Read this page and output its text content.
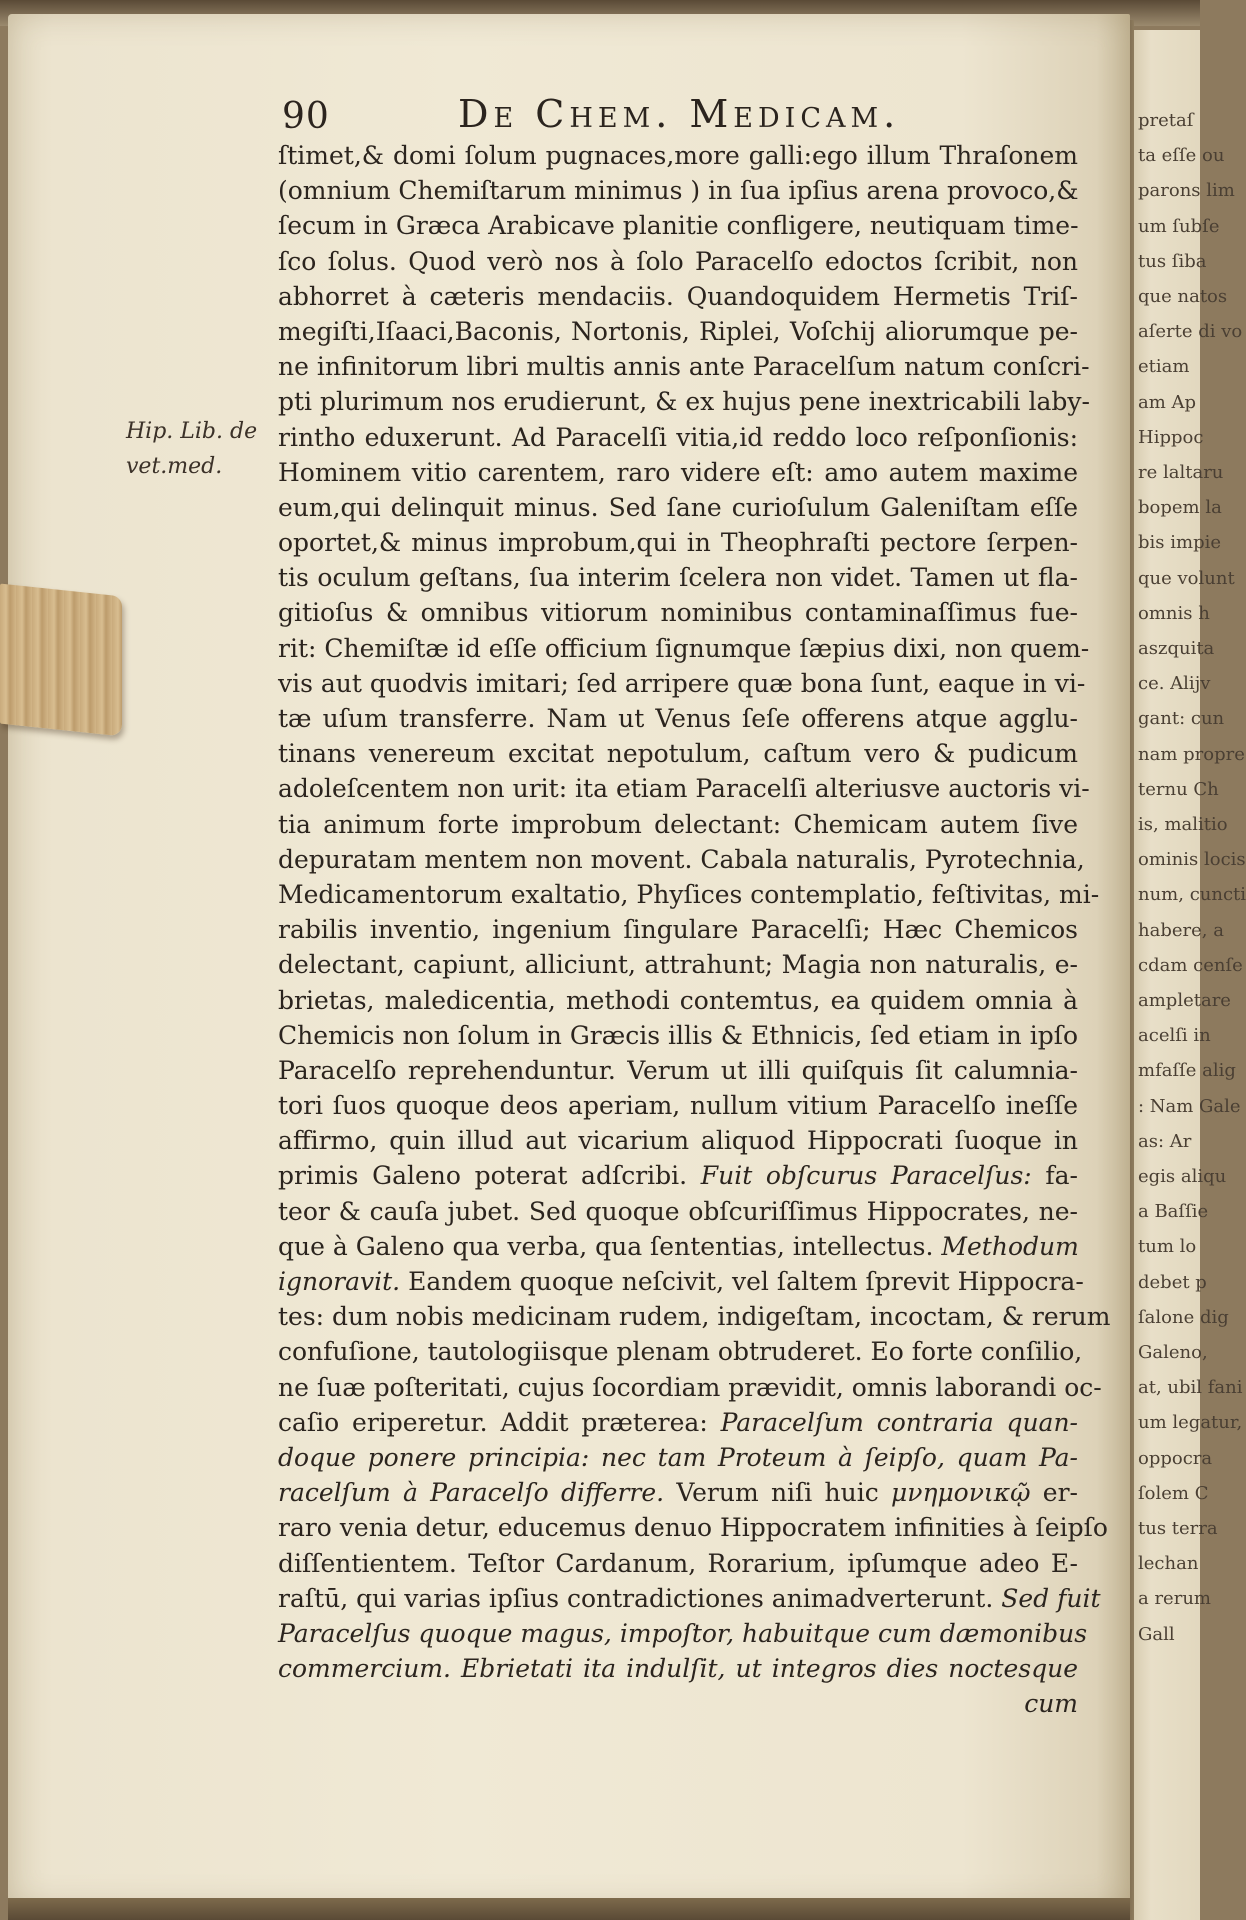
pretaſ
ta eſſe ou
parons lim
um ſubſe
tus ſiba
que natos
aſerte di vo
etiam
am Ap
Hippoc
re laltaru
bopem la
bis impie
que volunt
omnis h
aszquita
ce. Alijv
gant: cun
nam propre
ternu Ch
is, malitio
ominis locis
num, cuncti
habere, a
cdam cenſe
ampletare
acelſi in
mfaſſe alig
: Nam Gale
as: Ar
egis aliqu
a Baſſie
tum lo
debet p
ſalone dig
Galeno,
at, ubil fani
um legatur,
oppocra
ſolem C
tus terra
lechan
a rerum
Gall
90	De Chem. Medicam.
Hip. Lib. de
vet.med.
ſtimet,& domi ſolum pugnaces,more galli:ego illum Thraſonem
(omnium Chemiſtarum minimus ) in ſua ipſius arena provoco,&
ſecum in Græca Arabicave planitie confligere, neutiquam time-
ſco ſolus. Quod verò nos à ſolo Paracelſo edoctos ſcribit, non
abhorret à cæteris mendaciis. Quandoquidem Hermetis Triſ-
megiſti,Iſaaci,Baconis, Nortonis, Riplei, Voſchij aliorumque pe-
ne infinitorum libri multis annis ante Paracelſum natum conſcri-
pti plurimum nos erudierunt, & ex hujus pene inextricabili laby-
rintho eduxerunt. Ad Paracelſi vitia,id reddo loco reſponſionis:
Hominem vitio carentem, raro videre eſt: amo autem maxime
eum,qui delinquit minus. Sed ſane curioſulum Galeniſtam eſſe
oportet,& minus improbum,qui in Theophraſti pectore ſerpen-
tis oculum geſtans, ſua interim ſcelera non videt. Tamen ut fla-
gitioſus & omnibus vitiorum nominibus contaminaſſimus fue-
rit: Chemiſtæ id eſſe officium ſignumque ſæpius dixi, non quem-
vis aut quodvis imitari; ſed arripere quæ bona ſunt, eaque in vi-
tæ uſum transferre. Nam ut Venus ſeſe offerens atque agglu-
tinans venereum excitat nepotulum, caſtum vero & pudicum
adoleſcentem non urit: ita etiam Paracelſi alteriusve auctoris vi-
tia animum forte improbum delectant: Chemicam autem ſive
depuratam mentem non movent. Cabala naturalis, Pyrotechnia,
Medicamentorum exaltatio, Phyſices contemplatio, feſtivitas, mi-
rabilis inventio, ingenium ſingulare Paracelſi; Hæc Chemicos
delectant, capiunt, alliciunt, attrahunt; Magia non naturalis, e-
brietas, maledicentia, methodi contemtus, ea quidem omnia à
Chemicis non ſolum in Græcis illis & Ethnicis, ſed etiam in ipſo
Paracelſo reprehenduntur. Verum ut illi quiſquis ſit calumnia-
tori ſuos quoque deos aperiam, nullum vitium Paracelſo ineſſe
affirmo, quin illud aut vicarium aliquod Hippocrati ſuoque in
primis Galeno poterat adſcribi. Fuit obſcurus Paracelſus: fa-
teor & cauſa jubet. Sed quoque obſcuriſſimus Hippocrates, ne-
que à Galeno qua verba, qua ſententias, intellectus. Methodum
ignoravit. Eandem quoque neſcivit, vel ſaltem ſprevit Hippocra-
tes: dum nobis medicinam rudem, indigeſtam, incoctam, & rerum
confuſione, tautologiisque plenam obtruderet. Eo forte conſilio,
ne ſuæ poſteritati, cujus ſocordiam prævidit, omnis laborandi oc-
caſio eriperetur. Addit præterea: Paracelſum contraria quan-
doque ponere principia: nec tam Proteum à ſeipſo, quam Pa-
racelſum à Paracelſo differre. Verum niſi huic μνημονικῷ er-
raro venia detur, educemus denuo Hippocratem infinities à ſeipſo
diſſentientem. Teſtor Cardanum, Rorarium, ipſumque adeo E-
raſtū, qui varias ipſius contradictiones animadverterunt. Sed fuit
Paracelſus quoque magus, impoſtor, habuitque cum dæmonibus
commercium. Ebrietati ita indulſit, ut integros dies noctesque
cum
